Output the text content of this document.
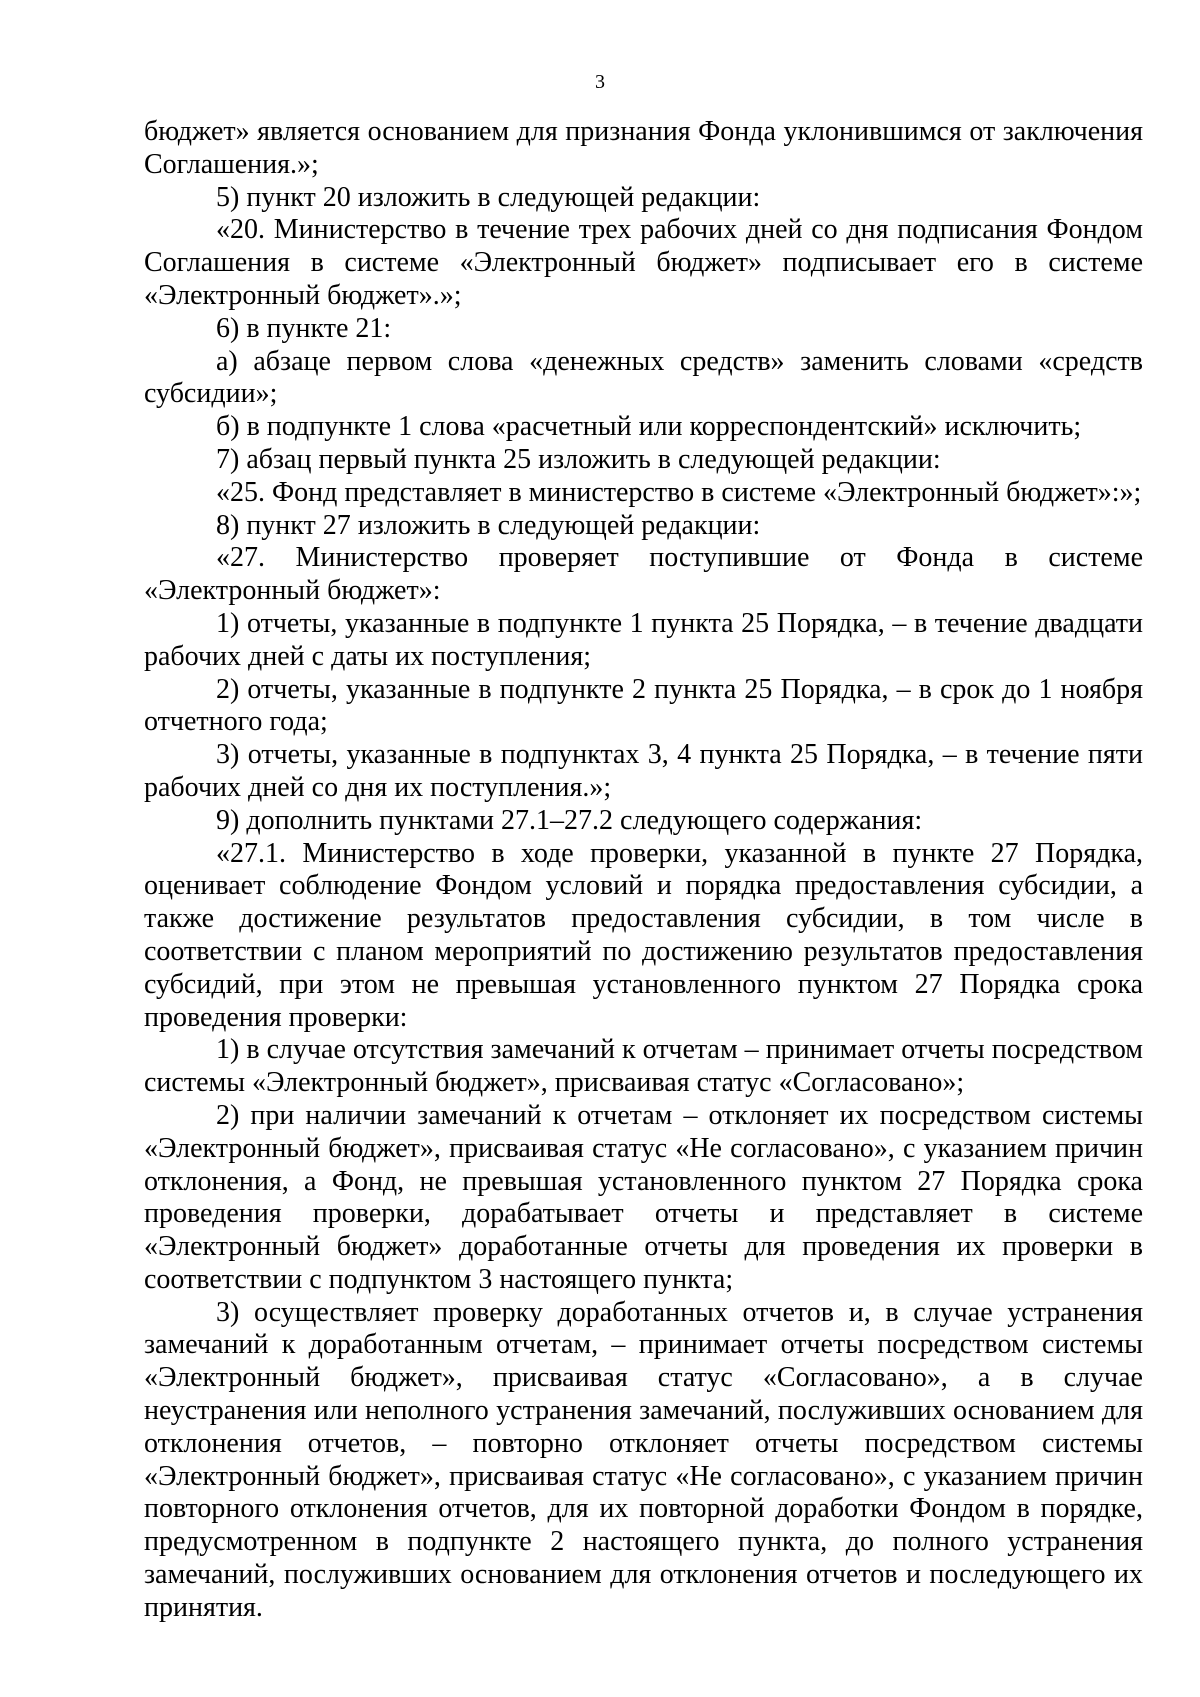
3

бюджет» является основанием для признания Фонда уклонившимся от заключения Соглашения.»;

5) пункт 20 изложить в следующей редакции:

«20. Министерство в течение трех рабочих дней со дня подписания Фондом Соглашения в системе «Электронный бюджет» подписывает его в системе «Электронный бюджет».»;

6) в пункте 21:

а) абзаце первом слова «денежных средств» заменить словами «средств субсидии»;

б) в подпункте 1 слова «расчетный или корреспондентский» исключить;

7) абзац первый пункта 25 изложить в следующей редакции:

«25. Фонд представляет в министерство в системе «Электронный бюджет»:»;

8) пункт 27 изложить в следующей редакции:

«27. Министерство проверяет поступившие от Фонда в системе «Электронный бюджет»:

1) отчеты, указанные в подпункте 1 пункта 25 Порядка, – в течение двадцати рабочих дней с даты их поступления;

2) отчеты, указанные в подпункте 2 пункта 25 Порядка, – в срок до 1 ноября отчетного года;

3) отчеты, указанные в подпунктах 3, 4 пункта 25 Порядка, – в течение пяти рабочих дней со дня их поступления.»;

9) дополнить пунктами 27.1–27.2 следующего содержания:

«27.1. Министерство в ходе проверки, указанной в пункте 27 Порядка, оценивает соблюдение Фондом условий и порядка предоставления субсидии, а также достижение результатов предоставления субсидии, в том числе в соответствии с планом мероприятий по достижению результатов предоставления субсидий, при этом не превышая установленного пунктом 27 Порядка срока проведения проверки:

1) в случае отсутствия замечаний к отчетам – принимает отчеты посредством системы «Электронный бюджет», присваивая статус «Согласовано»;

2) при наличии замечаний к отчетам – отклоняет их посредством системы «Электронный бюджет», присваивая статус «Не согласовано», с указанием причин отклонения, а Фонд, не превышая установленного пунктом 27 Порядка срока проведения проверки, дорабатывает отчеты и представляет в системе «Электронный бюджет» доработанные отчеты для проведения их проверки в соответствии с подпунктом 3 настоящего пункта;

3) осуществляет проверку доработанных отчетов и, в случае устранения замечаний к доработанным отчетам, – принимает отчеты посредством системы «Электронный бюджет», присваивая статус «Согласовано», а в случае неустранения или неполного устранения замечаний, послуживших основанием для отклонения отчетов, – повторно отклоняет отчеты посредством системы «Электронный бюджет», присваивая статус «Не согласовано», с указанием причин повторного отклонения отчетов, для их повторной доработки Фондом в порядке, предусмотренном в подпункте 2 настоящего пункта, до полного устранения замечаний, послуживших основанием для отклонения отчетов и последующего их принятия.
